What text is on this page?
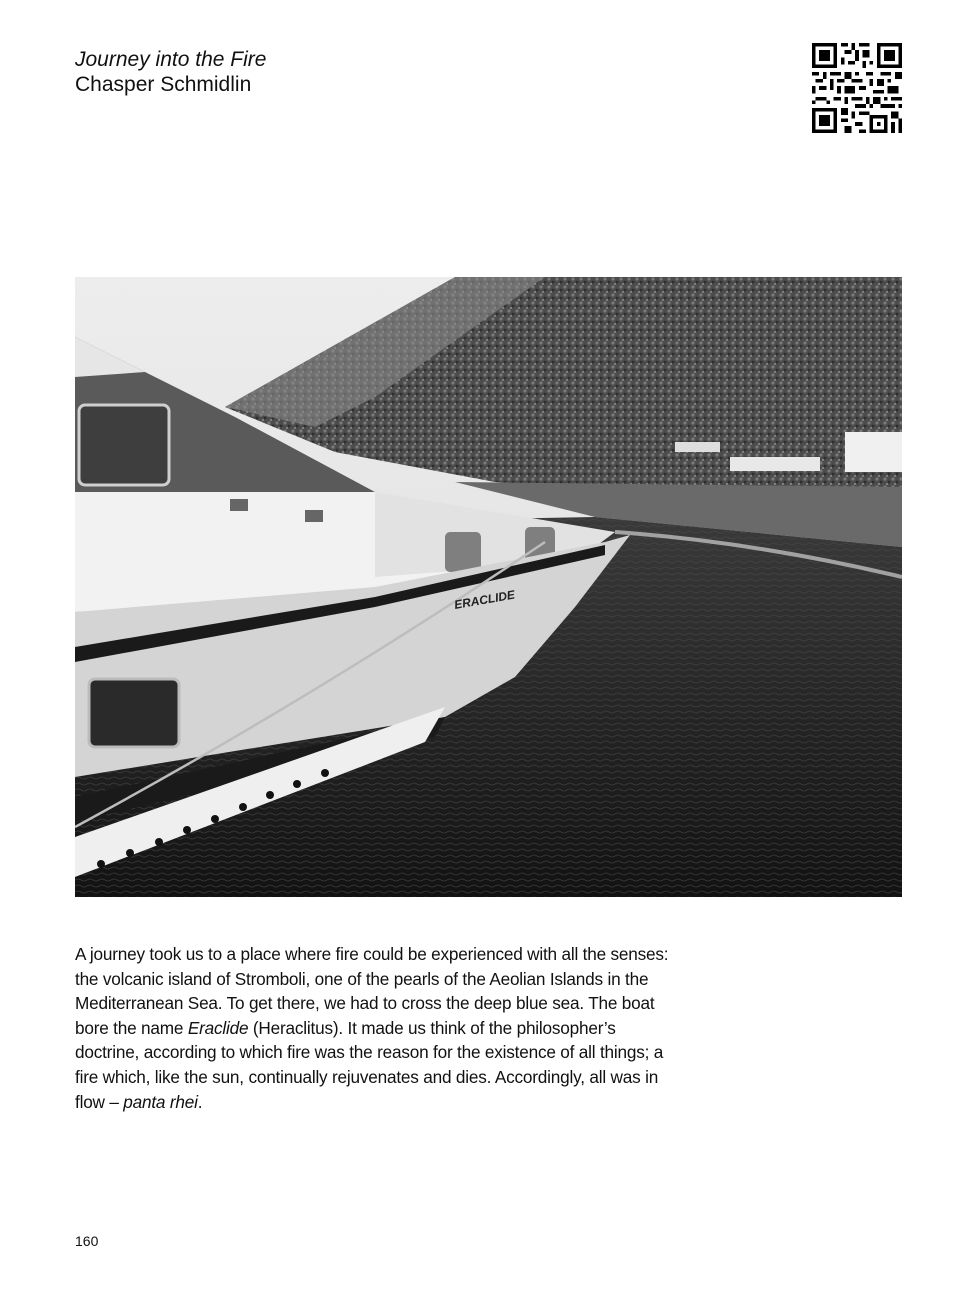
Journey into the Fire
Chasper Schmidlin
ERACLIDE
A journey took us to a place where fire could be experienced with all the senses: the volcanic island of Stromboli, one of the pearls of the Aeolian Islands in the Mediterranean Sea. To get there, we had to cross the deep blue sea. The boat bore the name Eraclide (Heraclitus). It made us think of the philosopher’s doctrine, according to which fire was the reason for the existence of all things; a fire which, like the sun, continually rejuvenates and dies. Accordingly, all was in flow – panta rhei.
160
